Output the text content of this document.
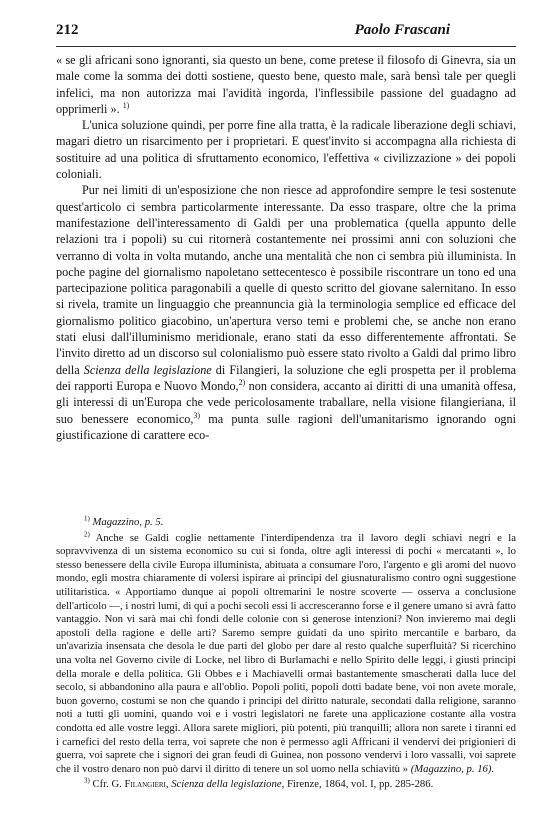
212	Paolo Frascani

« se gli africani sono ignoranti, sia questo un bene, come pretese il filosofo di Ginevra, sia un male come la somma dei dotti sostiene, questo bene, questo male, sarà bensì tale per quegli infelici, ma non autorizza mai l'avidità ingorda, l'inflessibile passione del guadagno ad opprimerli ». $^{1)}$

L'unica soluzione quindi, per porre fine alla tratta, è la radicale liberazione degli schiavi, magari dietro un risarcimento per i proprietari. E quest'invito si accompagna alla richiesta di sostituire ad una politica di sfruttamento economico, l'effettiva « civilizzazione » dei popoli coloniali.

Pur nei limiti di un'esposizione che non riesce ad approfondire sempre le tesi sostenute quest'articolo ci sembra particolarmente interessante. Da esso traspare, oltre che la prima manifestazione dell'interessamento di Galdi per una problematica (quella appunto delle relazioni tra i popoli) su cui ritornerà costantemente nei prossimi anni con soluzioni che verranno di volta in volta mutando, anche una mentalità che non ci sembra più illuminista. In poche pagine del giornalismo napoletano settecentesco è possibile riscontrare un tono ed una partecipazione politica paragonabili a quelle di questo scritto del giovane salernitano. In esso si rivela, tramite un linguaggio che preannuncia già la terminologia semplice ed efficace del giornalismo politico giacobino, un'apertura verso temi e problemi che, se anche non erano stati elusi dall'illuminismo meridionale, erano stati da esso differentemente affrontati. Se l'invito diretto ad un discorso sul colonialismo può essere stato rivolto a Galdi dal primo libro della Scienza della legislazione di Filangieri, la soluzione che egli prospetta per il problema dei rapporti Europa e Nuovo Mondo,$^{2)}$ non considera, accanto ai diritti di una umanità offesa, gli interessi di un'Europa che vede pericolosamente traballare, nella visione filangieriana, il suo benessere economico,$^{3)}$ ma punta sulle ragioni dell'umanitarismo ignorando ogni giustificazione di carattere eco-

$^{1)}$ Magazzino, p. 5.

$^{2)}$ Anche se Galdi coglie nettamente l'interdipendenza tra il lavoro degli schiavi negri e la sopravvivenza di un sistema economico su cui si fonda, oltre agli interessi di pochi « mercatanti », lo stesso benessere della civile Europa illuminista, abituata a consumare l'oro, l'argento e gli aromi del nuovo mondo, egli mostra chiaramente di volersi ispirare ai principi del giusnaturalismo contro ogni suggestione utilitaristica. « Apportiamo dunque ai popoli oltremarini le nostre scoverte — osserva a conclusione dell'articolo —, i nostri lumi, di qui a pochi secoli essi li accresceranno forse e il genere umano si avrà fatto vantaggio. Non vi sarà mai chi fondi delle colonie con sì generose intenzioni? Non invieremo mai degli apostoli della ragione e delle arti? Saremo sempre guidati da uno spirito mercantile e barbaro, da un'avarizia insensata che desola le due parti del globo per dare al resto qualche superfluità? Si ricerchino una volta nel Governo civile di Locke, nel libro di Burlamachi e nello Spirito delle leggi, i giusti principi della morale e della politica. Gli Obbes e i Machiavelli ormai bastantemente smascherati dalla luce del secolo, si abbandonino alla paura e all'oblio. Popoli politi, popoli dotti badate bene, voi non avete morale, buon governo, costumi se non che quando i principi del diritto naturale, secondati dalla religione, saranno noti a tutti gli uomini, quando voi e i vostri legislatori ne farete una applicazione costante alla vostra condotta ed alle vostre leggi. Allora sarete migliori, più potenti, più tranquilli; allora non sarete i tiranni ed i carnefici del resto della terra, voi saprete che non è permesso agli Affricani il vendervi dei prigionieri di guerra, voi saprete che i signori dei gran feudi di Guinea, non possono vendervi i loro vassalli, voi saprete che il vostro denaro non può darvi il diritto di tenere un sol uomo nella schiavitù » (Magazzino, p. 16).

$^{3)}$ Cfr. G. Filangieri, Scienza della legislazione, Firenze, 1864, vol. I, pp. 285-286.
